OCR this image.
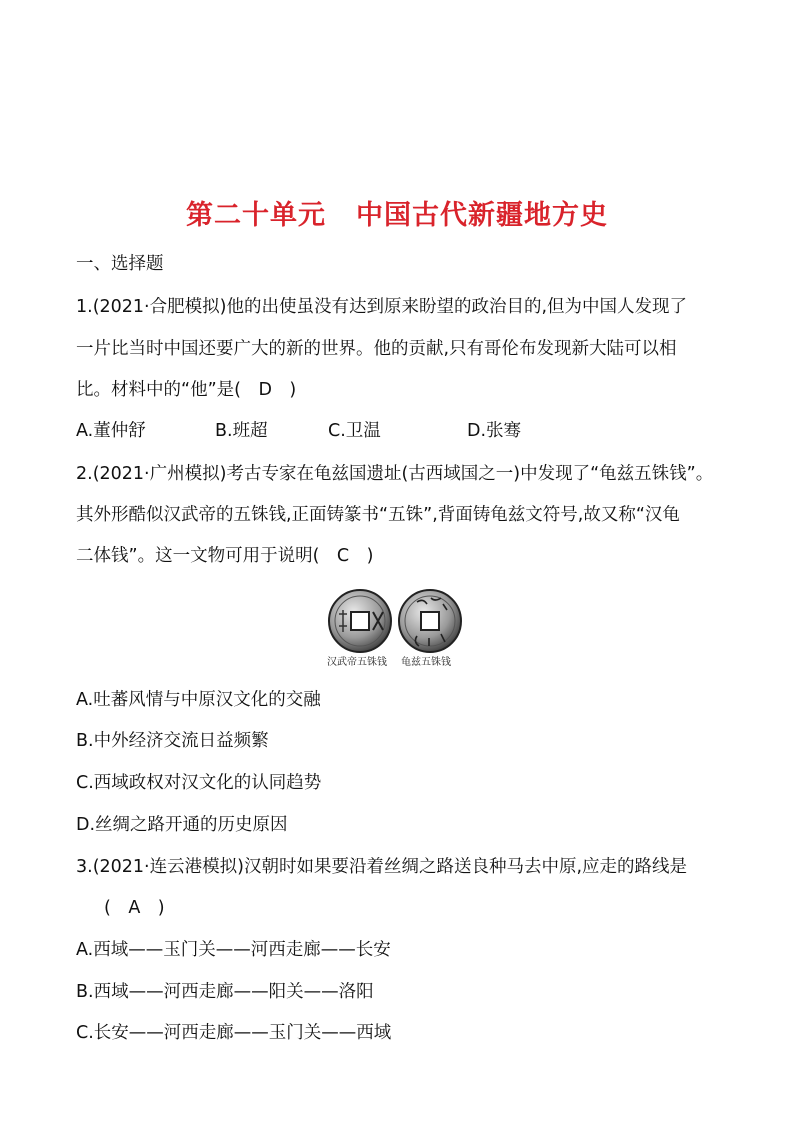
第二十单元 中国古代新疆地方史
一、选择题
1.(2021·合肥模拟)他的出使虽没有达到原来盼望的政治目的,但为中国人发现了
一片比当时中国还要广大的新的世界。他的贡献,只有哥伦布发现新大陆可以相
比。材料中的“他”是(　D　)
A.董仲舒	B.班超	C.卫温	D.张骞
2.(2021·广州模拟)考古专家在龟兹国遗址(古西域国之一)中发现了“龟兹五铢钱”。
其外形酷似汉武帝的五铢钱,正面铸篆书“五铢”,背面铸龟兹文符号,故又称“汉龟
二体钱”。这一文物可用于说明(　C　)
汉武帝五铢钱 龟兹五铢钱
A.吐蕃风情与中原汉文化的交融
B.中外经济交流日益频繁
C.西域政权对汉文化的认同趋势
D.丝绸之路开通的历史原因
3.(2021·连云港模拟)汉朝时如果要沿着丝绸之路送良种马去中原,应走的路线是
(　A　)
A.西域——玉门关——河西走廊——长安
B.西域——河西走廊——阳关——洛阳
C.长安——河西走廊——玉门关——西域
